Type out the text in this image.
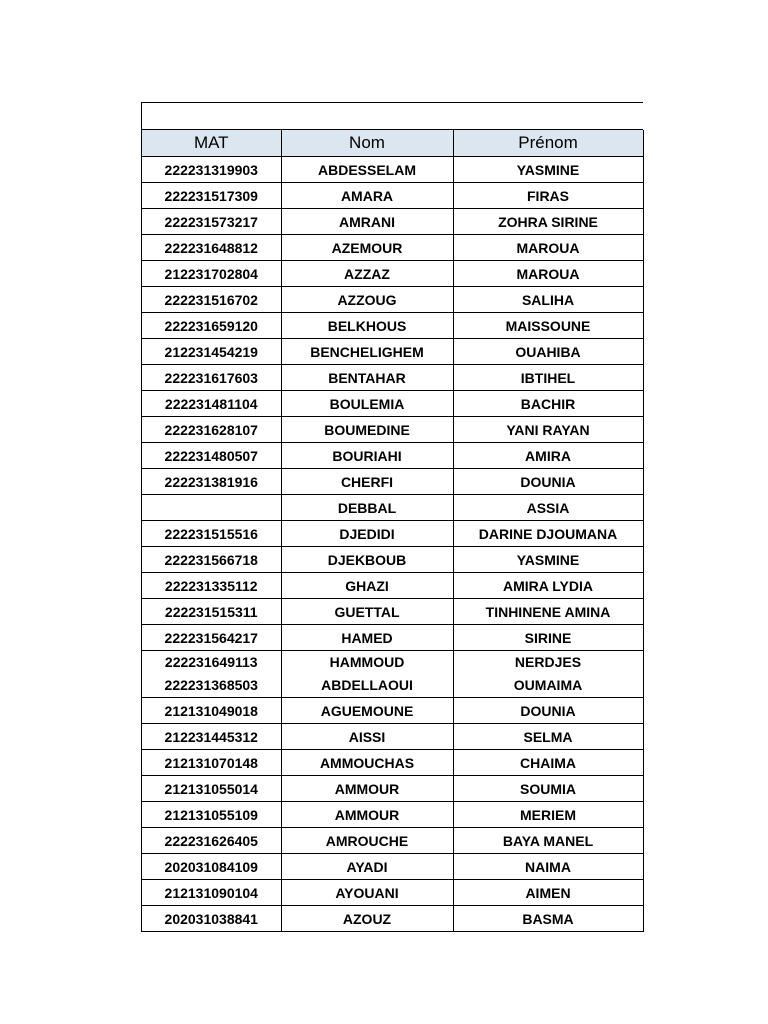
MAT	Nom	Prénom
222231319903	ABDESSELAM	YASMINE
222231517309	AMARA	FIRAS
222231573217	AMRANI	ZOHRA SIRINE
222231648812	AZEMOUR	MAROUA
212231702804	AZZAZ	MAROUA
222231516702	AZZOUG	SALIHA
222231659120	BELKHOUS	MAISSOUNE
212231454219	BENCHELIGHEM	OUAHIBA
222231617603	BENTAHAR	IBTIHEL
222231481104	BOULEMIA	BACHIR
222231628107	BOUMEDINE	YANI RAYAN
222231480507	BOURIAHI	AMIRA
222231381916	CHERFI	DOUNIA
	DEBBAL	ASSIA
222231515516	DJEDIDI	DARINE DJOUMANA
222231566718	DJEKBOUB	YASMINE
222231335112	GHAZI	AMIRA LYDIA
222231515311	GUETTAL	TINHINENE AMINA
222231564217	HAMED	SIRINE
222231649113	HAMMOUD	NERDJES
222231368503	ABDELLAOUI	OUMAIMA
212131049018	AGUEMOUNE	DOUNIA
212231445312	AISSI	SELMA
212131070148	AMMOUCHAS	CHAIMA
212131055014	AMMOUR	SOUMIA
212131055109	AMMOUR	MERIEM
222231626405	AMROUCHE	BAYA MANEL
202031084109	AYADI	NAIMA
212131090104	AYOUANI	AIMEN
202031038841	AZOUZ	BASMA
